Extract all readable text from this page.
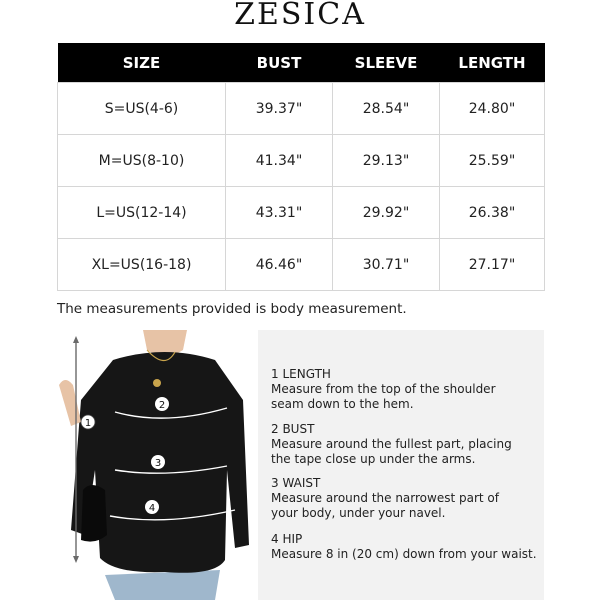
ZESICA
SIZE	BUST	SLEEVE	LENGTH
S=US(4-6)	39.37"	28.54"	24.80"
M=US(8-10)	41.34"	29.13"	25.59"
L=US(12-14)	43.31"	29.92"	26.38"
XL=US(16-18)	46.46"	30.71"	27.17"
The measurements provided is body measurement.
1
2
3
4
1 LENGTH
Measure from the top of the shoulder
seam down to the hem.
2 BUST
Measure around the fullest part, placing
the tape close up under the arms.
3 WAIST
Measure around the narrowest part of
your body, under your navel.
4 HIP
Measure 8 in (20 cm) down from your waist.
